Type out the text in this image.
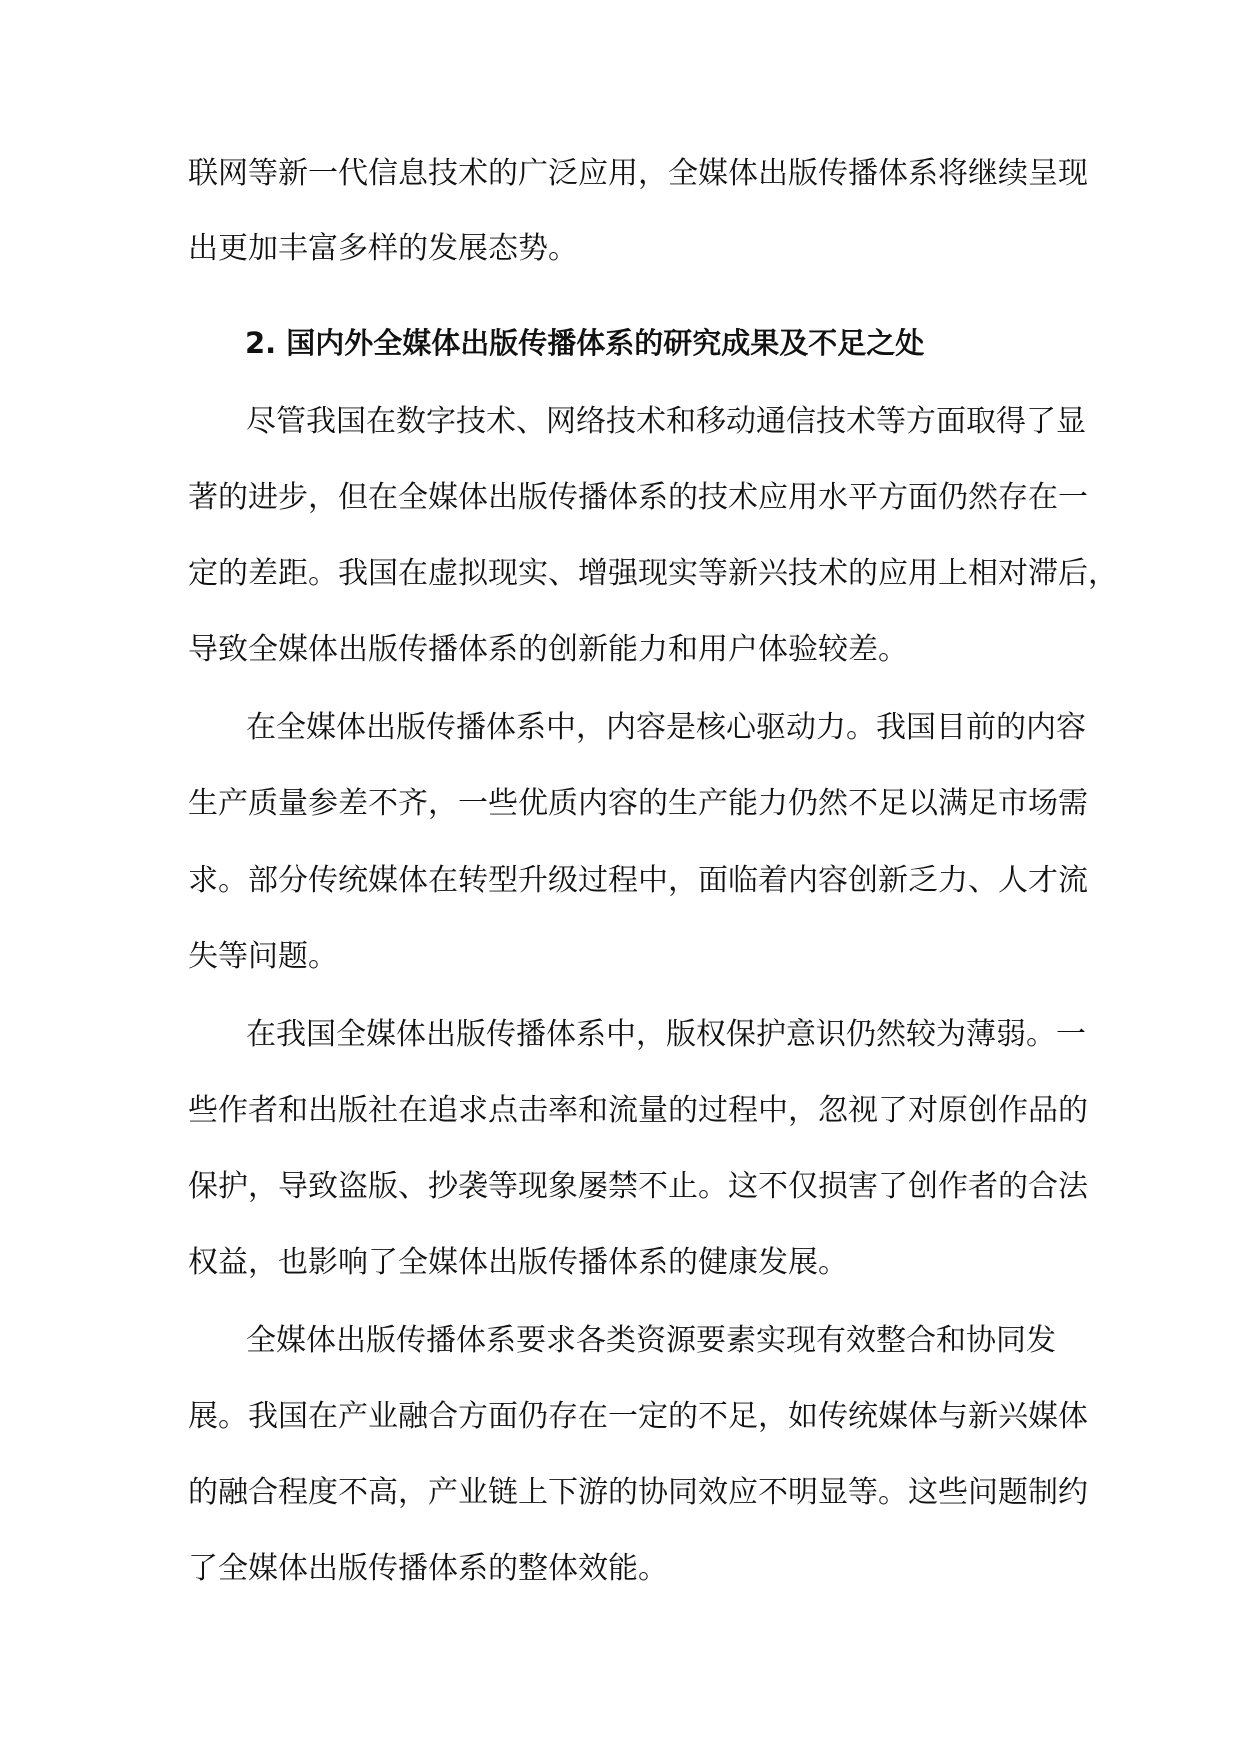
联网等新一代信息技术的广泛应用，全媒体出版传播体系将继续呈现
出更加丰富多样的发展态势。
2. 国内外全媒体出版传播体系的研究成果及不足之处
尽管我国在数字技术、网络技术和移动通信技术等方面取得了显
著的进步，但在全媒体出版传播体系的技术应用水平方面仍然存在一
定的差距。我国在虚拟现实、增强现实等新兴技术的应用上相对滞后，
导致全媒体出版传播体系的创新能力和用户体验较差。
在全媒体出版传播体系中，内容是核心驱动力。我国目前的内容
生产质量参差不齐，一些优质内容的生产能力仍然不足以满足市场需
求。部分传统媒体在转型升级过程中，面临着内容创新乏力、人才流
失等问题。
在我国全媒体出版传播体系中，版权保护意识仍然较为薄弱。一
些作者和出版社在追求点击率和流量的过程中，忽视了对原创作品的
保护，导致盗版、抄袭等现象屡禁不止。这不仅损害了创作者的合法
权益，也影响了全媒体出版传播体系的健康发展。
全媒体出版传播体系要求各类资源要素实现有效整合和协同发
展。我国在产业融合方面仍存在一定的不足，如传统媒体与新兴媒体
的融合程度不高，产业链上下游的协同效应不明显等。这些问题制约
了全媒体出版传播体系的整体效能。
